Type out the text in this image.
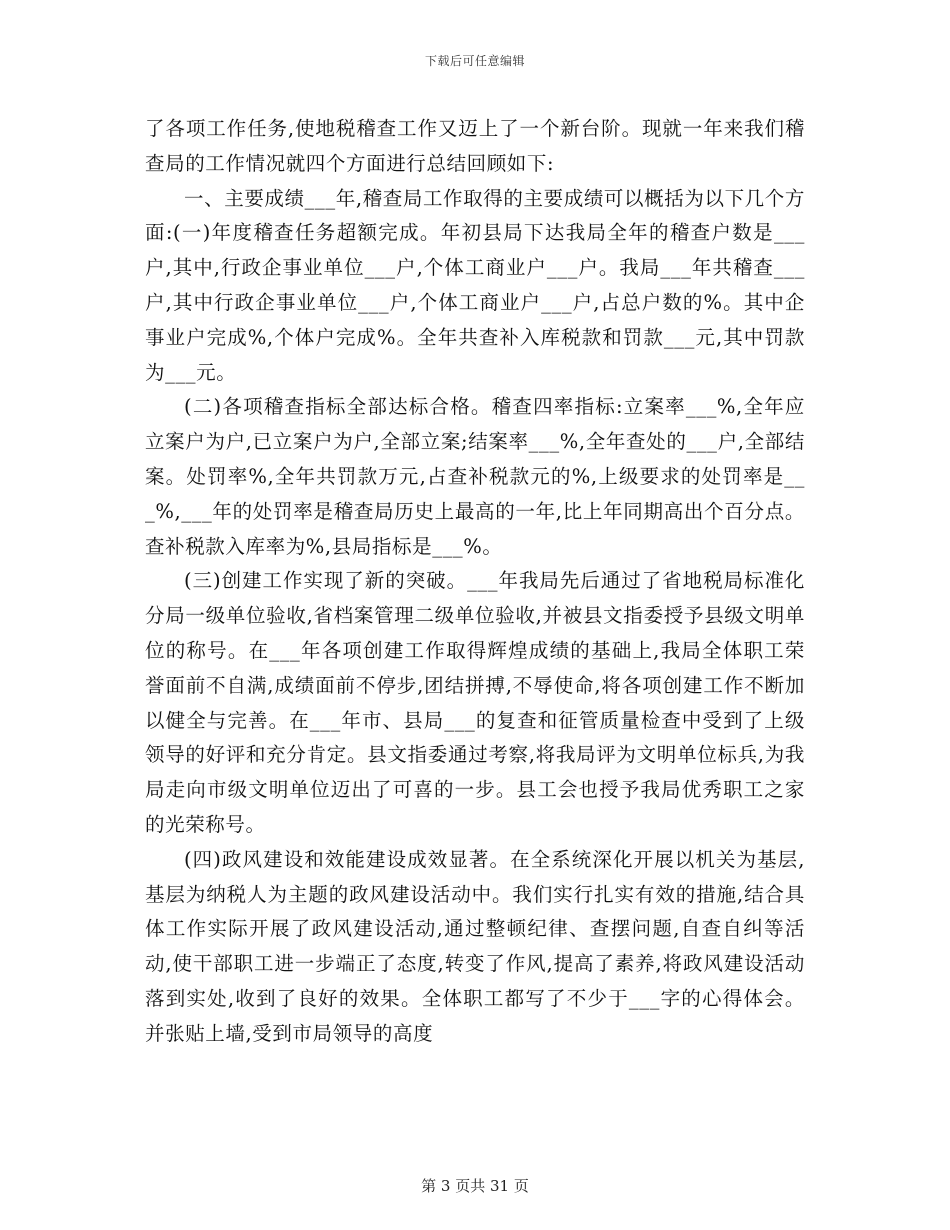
下载后可任意编辑

了各项工作任务,使地税稽查工作又迈上了一个新台阶。现就一年来我们稽查局的工作情况就四个方面进行总结回顾如下:

一、主要成绩___年,稽查局工作取得的主要成绩可以概括为以下几个方面:(一)年度稽查任务超额完成。年初县局下达我局全年的稽查户数是___户,其中,行政企事业单位___户,个体工商业户___户。我局___年共稽查___户,其中行政企事业单位___户,个体工商业户___户,占总户数的%。其中企事业户完成%,个体户完成%。全年共查补入库税款和罚款___元,其中罚款为___元。

(二)各项稽查指标全部达标合格。稽查四率指标:立案率___%,全年应立案户为户,已立案户为户,全部立案;结案率___%,全年查处的___户,全部结案。处罚率%,全年共罚款万元,占查补税款元的%,上级要求的处罚率是___%,___年的处罚率是稽查局历史上最高的一年,比上年同期高出个百分点。查补税款入库率为%,县局指标是___%。

(三)创建工作实现了新的突破。___年我局先后通过了省地税局标准化分局一级单位验收,省档案管理二级单位验收,并被县文指委授予县级文明单位的称号。在___年各项创建工作取得辉煌成绩的基础上,我局全体职工荣誉面前不自满,成绩面前不停步,团结拼搏,不辱使命,将各项创建工作不断加以健全与完善。在___年市、县局___的复查和征管质量检查中受到了上级领导的好评和充分肯定。县文指委通过考察,将我局评为文明单位标兵,为我局走向市级文明单位迈出了可喜的一步。县工会也授予我局优秀职工之家的光荣称号。

(四)政风建设和效能建设成效显著。在全系统深化开展以机关为基层,基层为纳税人为主题的政风建设活动中。我们实行扎实有效的措施,结合具体工作实际开展了政风建设活动,通过整顿纪律、查摆问题,自查自纠等活动,使干部职工进一步端正了态度,转变了作风,提高了素养,将政风建设活动落到实处,收到了良好的效果。全体职工都写了不少于___字的心得体会。并张贴上墙,受到市局领导的高度

第 3 页共 31 页
